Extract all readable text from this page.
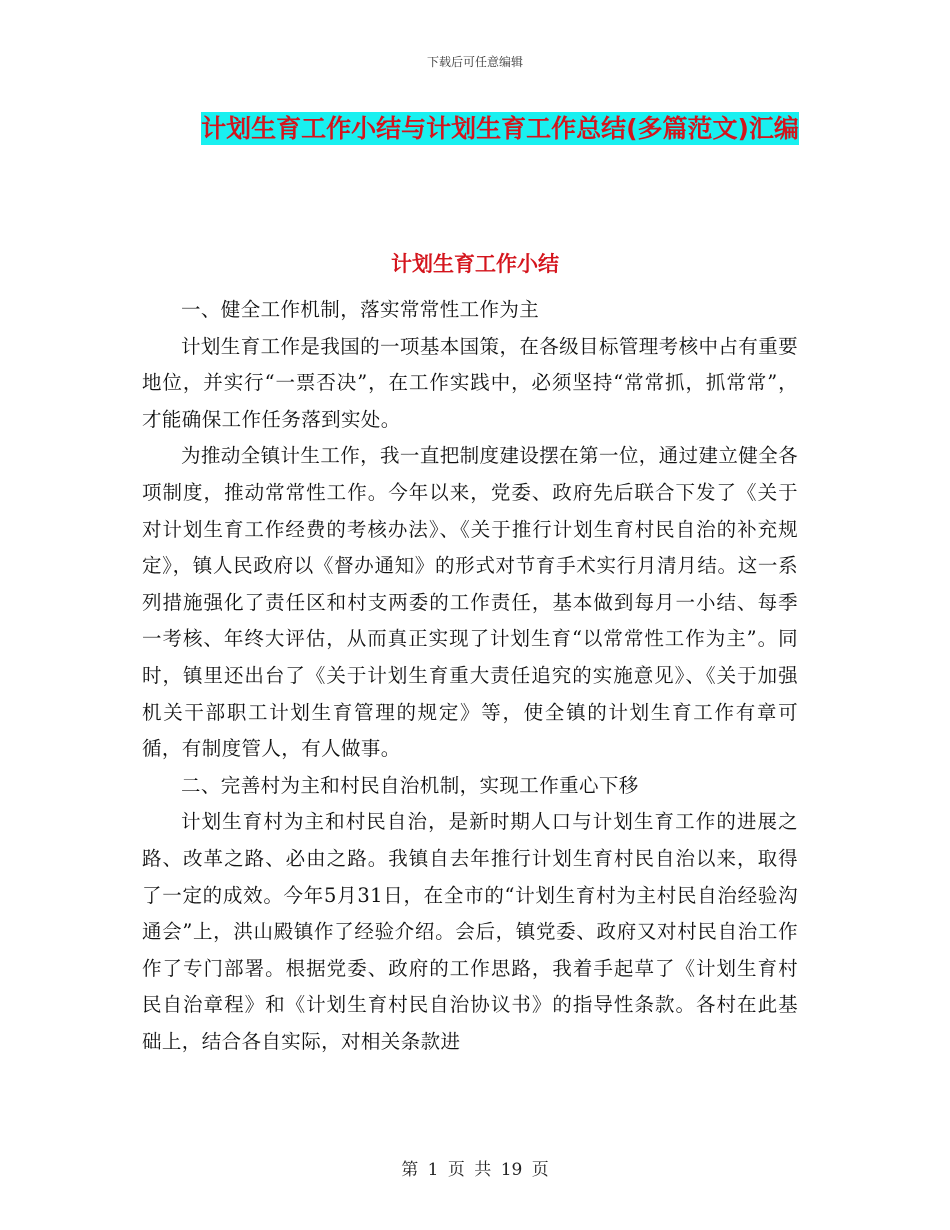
下载后可任意编辑
计划生育工作小结与计划生育工作总结(多篇范文)汇编
计划生育工作小结

一、健全工作机制，落实常常性工作为主

计划生育工作是我国的一项基本国策，在各级目标管理考核中占有重要地位，并实行“一票否决”，在工作实践中，必须坚持“常常抓，抓常常”，才能确保工作任务落到实处。

为推动全镇计生工作，我一直把制度建设摆在第一位，通过建立健全各项制度，推动常常性工作。今年以来，党委、政府先后联合下发了《关于对计划生育工作经费的考核办法》、《关于推行计划生育村民自治的补充规定》，镇人民政府以《督办通知》的形式对节育手术实行月清月结。这一系列措施强化了责任区和村支两委的工作责任，基本做到每月一小结、每季一考核、年终大评估，从而真正实现了计划生育“以常常性工作为主”。同时，镇里还出台了《关于计划生育重大责任追究的实施意见》、《关于加强机关干部职工计划生育管理的规定》等，使全镇的计划生育工作有章可循，有制度管人，有人做事。

二、完善村为主和村民自治机制，实现工作重心下移

计划生育村为主和村民自治，是新时期人口与计划生育工作的进展之路、改革之路、必由之路。我镇自去年推行计划生育村民自治以来，取得了一定的成效。今年5月31日，在全市的“计划生育村为主村民自治经验沟通会”上，洪山殿镇作了经验介绍。会后，镇党委、政府又对村民自治工作作了专门部署。根据党委、政府的工作思路，我着手起草了《计划生育村民自治章程》和《计划生育村民自治协议书》的指导性条款。各村在此基础上，结合各自实际，对相关条款进

第 1 页 共 19 页
